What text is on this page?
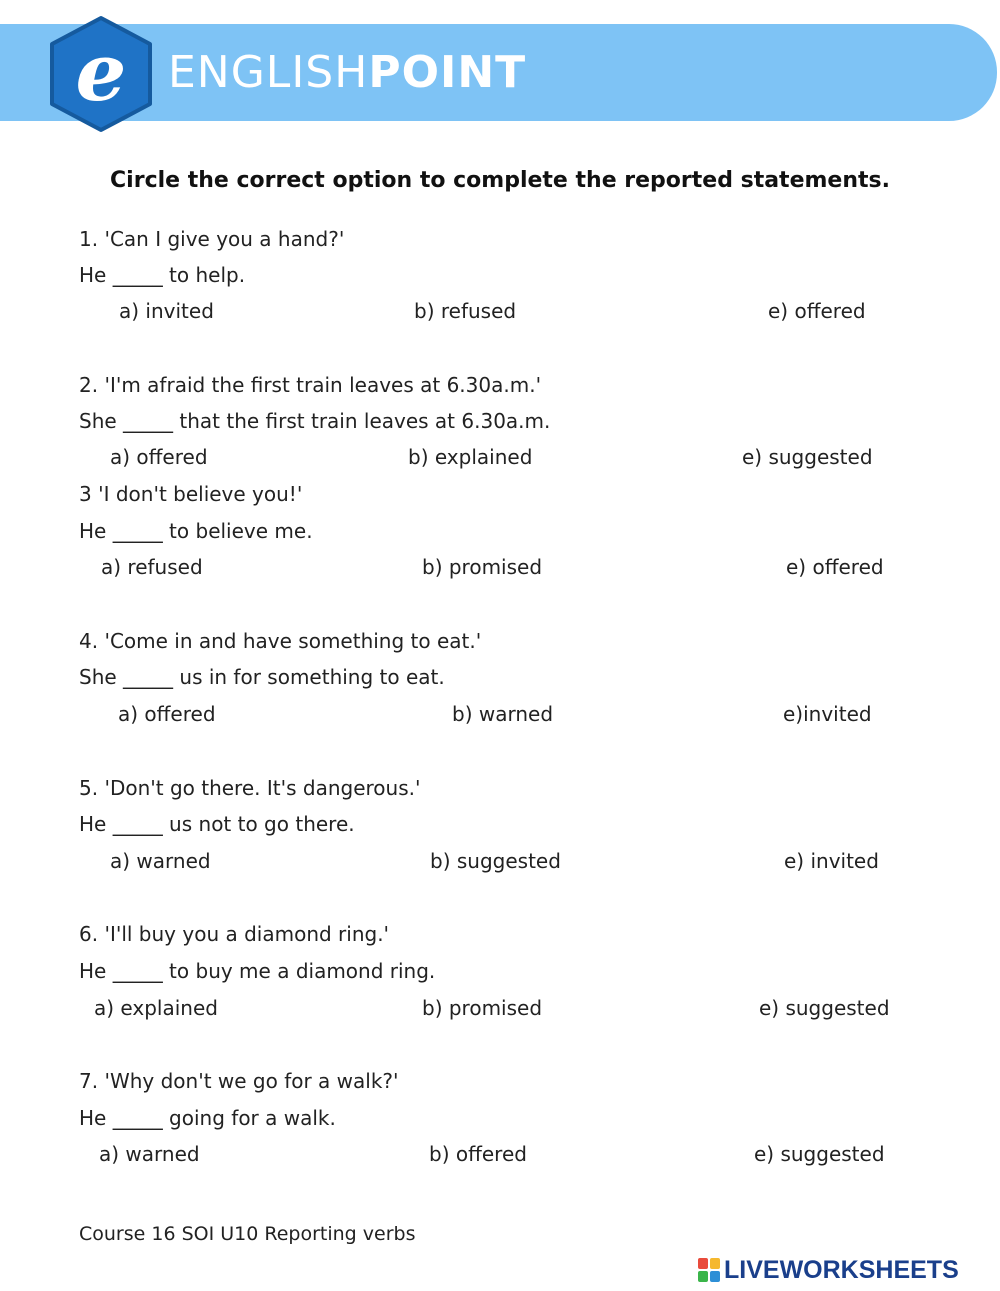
e ENGLISHPOINT
Circle the correct option to complete the reported statements.
1. 'Can I give you a hand?'
He _____ to help.
a) invited	b) refused	e) offered
2. 'I'm afraid the first train leaves at 6.30a.m.'
She _____ that the first train leaves at 6.30a.m.
a) offered	b) explained	e) suggested
3 'I don't believe you!'
He _____ to believe me.
a) refused	b) promised	e) offered
4. 'Come in and have something to eat.'
She _____ us in for something to eat.
a) offered	b) warned	e)invited
5. 'Don't go there. It's dangerous.'
He _____ us not to go there.
a) warned	b) suggested	e) invited
6. 'I'll buy you a diamond ring.'
He _____ to buy me a diamond ring.
a) explained	b) promised	e) suggested
7. 'Why don't we go for a walk?'
He _____ going for a walk.
a) warned	b) offered	e) suggested
Course 16 SOI U10 Reporting verbs
LIVEWORKSHEETS
